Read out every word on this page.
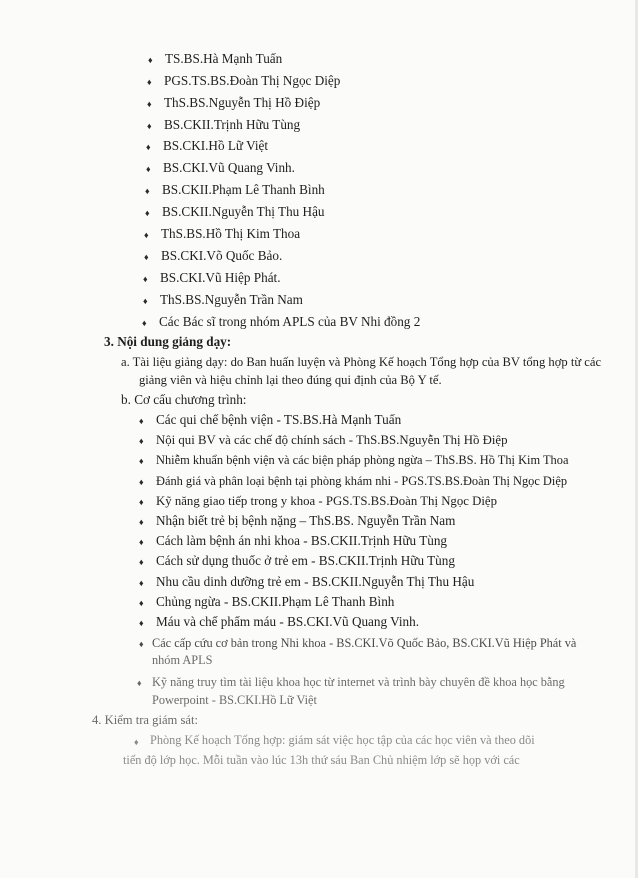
♦ TS.BS.Hà Mạnh Tuấn
♦ PGS.TS.BS.Đoàn Thị Ngọc Diệp
♦ ThS.BS.Nguyễn Thị Hồ Điệp
♦ BS.CKII.Trịnh Hữu Tùng
♦ BS.CKI.Hồ Lữ Việt
♦ BS.CKI.Vũ Quang Vinh.
♦ BS.CKII.Phạm Lê Thanh Bình
♦ BS.CKII.Nguyễn Thị Thu Hậu
♦ ThS.BS.Hồ Thị Kim Thoa
♦ BS.CKI.Võ Quốc Bảo.
♦ BS.CKI.Vũ Hiệp Phát.
♦ ThS.BS.Nguyễn Trần Nam
♦ Các Bác sĩ trong nhóm APLS của BV Nhi đồng 2
3. Nội dung giảng dạy:
a. Tài liệu giảng dạy: do Ban huấn luyện và Phòng Kế hoạch Tổng hợp của BV tổng hợp từ các
giảng viên và hiệu chỉnh lại theo đúng qui định của Bộ Y tế.
b. Cơ cấu chương trình:
♦ Các qui chế bệnh viện - TS.BS.Hà Mạnh Tuấn
♦ Nội qui BV và các chế độ chính sách - ThS.BS.Nguyễn Thị Hồ Điệp
♦ Nhiễm khuẩn bệnh viện và các biện pháp phòng ngừa – ThS.BS. Hồ Thị Kim Thoa
♦ Đánh giá và phân loại bệnh tại phòng khám nhi - PGS.TS.BS.Đoàn Thị Ngọc Diệp
♦ Kỹ năng giao tiếp trong y khoa - PGS.TS.BS.Đoàn Thị Ngọc Diệp
♦ Nhận biết trẻ bị bệnh nặng – ThS.BS. Nguyễn Trần Nam
♦ Cách làm bệnh án nhi khoa - BS.CKII.Trịnh Hữu Tùng
♦ Cách sử dụng thuốc ở trẻ em - BS.CKII.Trịnh Hữu Tùng
♦ Nhu cầu dinh dưỡng trẻ em - BS.CKII.Nguyễn Thị Thu Hậu
♦ Chủng ngừa - BS.CKII.Phạm Lê Thanh Bình
♦ Máu và chế phẩm máu - BS.CKI.Vũ Quang Vinh.
♦ Các cấp cứu cơ bản trong Nhi khoa - BS.CKI.Võ Quốc Bảo, BS.CKI.Vũ Hiệp Phát và
nhóm APLS
♦ Kỹ năng truy tìm tài liệu khoa học từ internet và trình bày chuyên đề khoa học bằng
Powerpoint - BS.CKI.Hồ Lữ Việt
4. Kiểm tra giám sát:
♦ Phòng Kế hoạch Tổng hợp: giám sát việc học tập của các học viên và theo dõi
tiến độ lớp học. Mỗi tuần vào lúc 13h thứ sáu Ban Chủ nhiệm lớp sẽ họp với các
